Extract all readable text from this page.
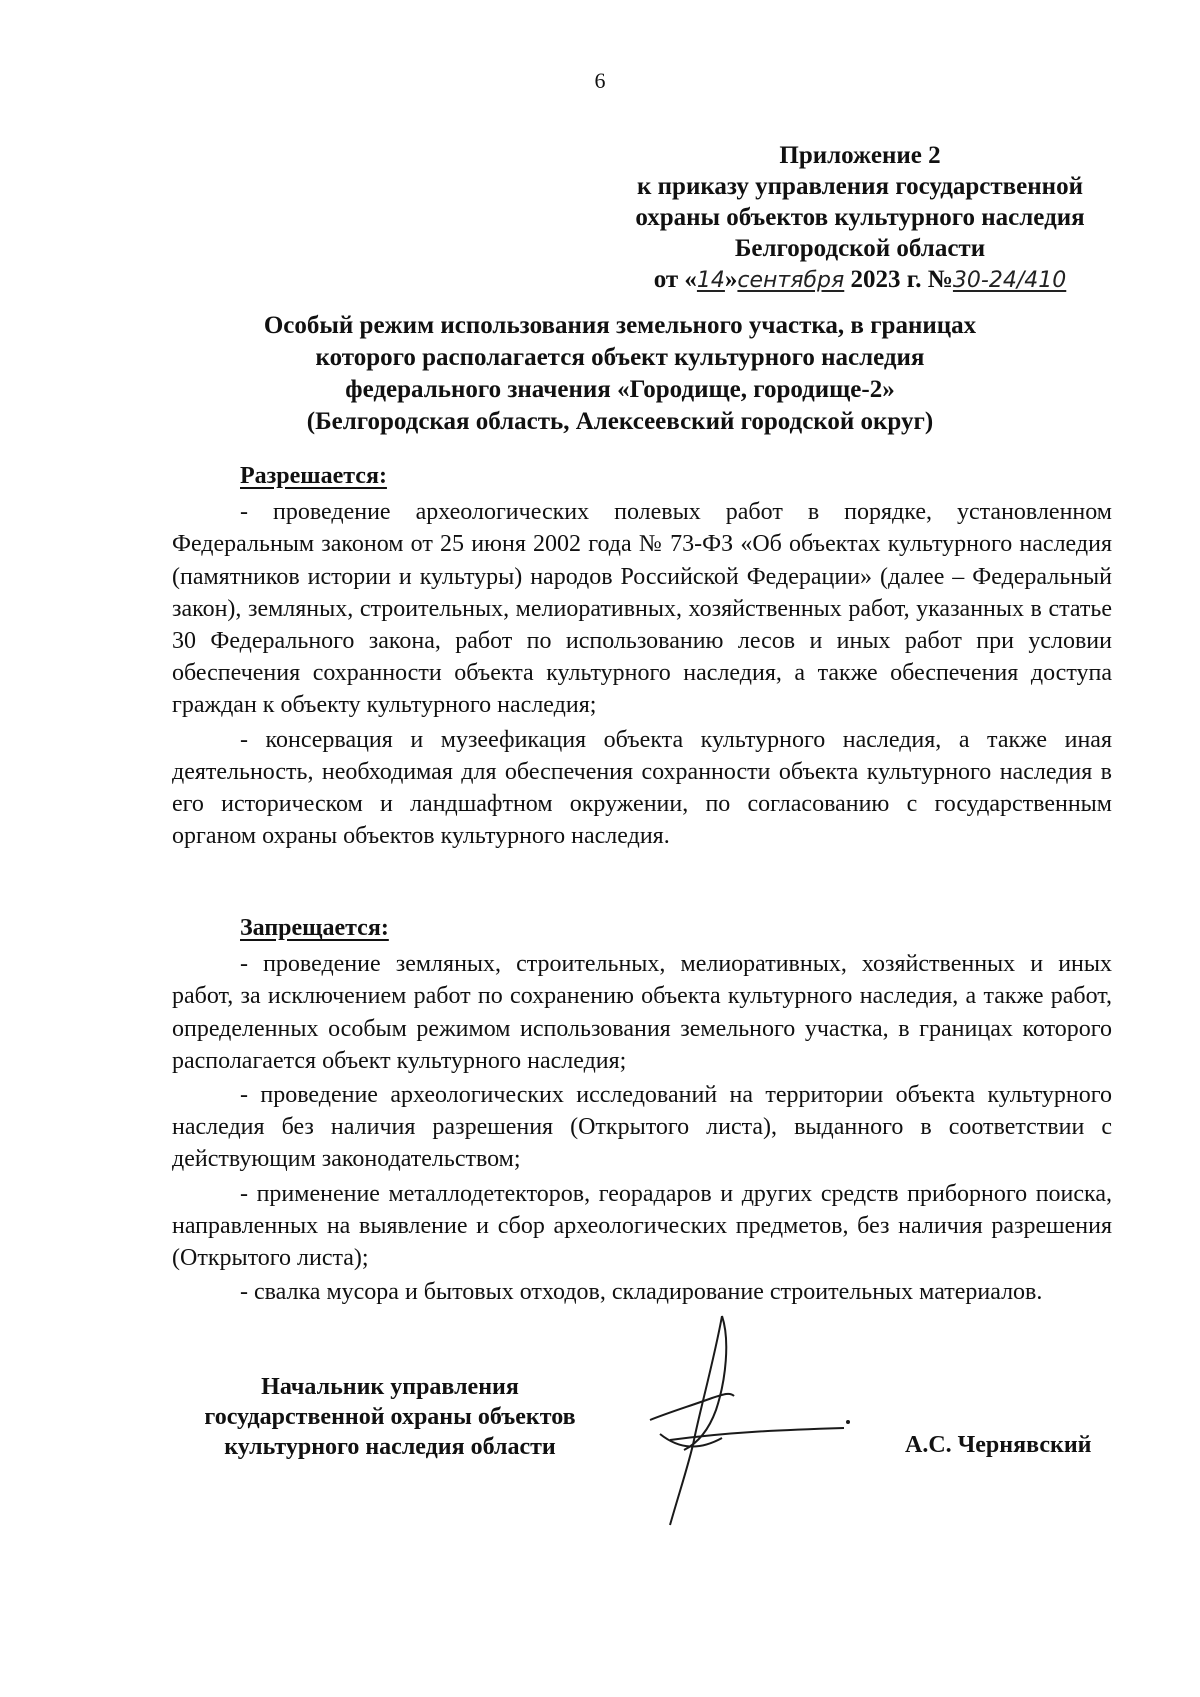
6
Приложение 2
к приказу управления государственной
охраны объектов культурного наследия
Белгородской области
от «14»сентября 2023 г. №30-24/410
Особый режим использования земельного участка, в границах
которого располагается объект культурного наследия
федерального значения «Городище, городище-2»
(Белгородская область, Алексеевский городской округ)
Разрешается:

- проведение археологических полевых работ в порядке, установленном Федеральным законом от 25 июня 2002 года № 73-ФЗ «Об объектах культурного наследия (памятников истории и культуры) народов Российской Федерации» (далее – Федеральный закон), земляных, строительных, мелиоративных, хозяйственных работ, указанных в статье 30 Федерального закона, работ по использованию лесов и иных работ при условии обеспечения сохранности объекта культурного наследия, а также обеспечения доступа граждан к объекту культурного наследия;

- консервация и музеефикация объекта культурного наследия, а также иная деятельность, необходимая для обеспечения сохранности объекта культурного наследия в его историческом и ландшафтном окружении, по согласованию с государственным органом охраны объектов культурного наследия.

Запрещается:

- проведение земляных, строительных, мелиоративных, хозяйственных и иных работ, за исключением работ по сохранению объекта культурного наследия, а также работ, определенных особым режимом использования земельного участка, в границах которого располагается объект культурного наследия;

- проведение археологических исследований на территории объекта культурного наследия без наличия разрешения (Открытого листа), выданного в соответствии с действующим законодательством;

- применение металлодетекторов, георадаров и других средств приборного поиска, направленных на выявление и сбор археологических предметов, без наличия разрешения (Открытого листа);

- свалка мусора и бытовых отходов, складирование строительных материалов.

Начальник управления
государственной охраны объектов
культурного наследия области	А.С. Чернявский
